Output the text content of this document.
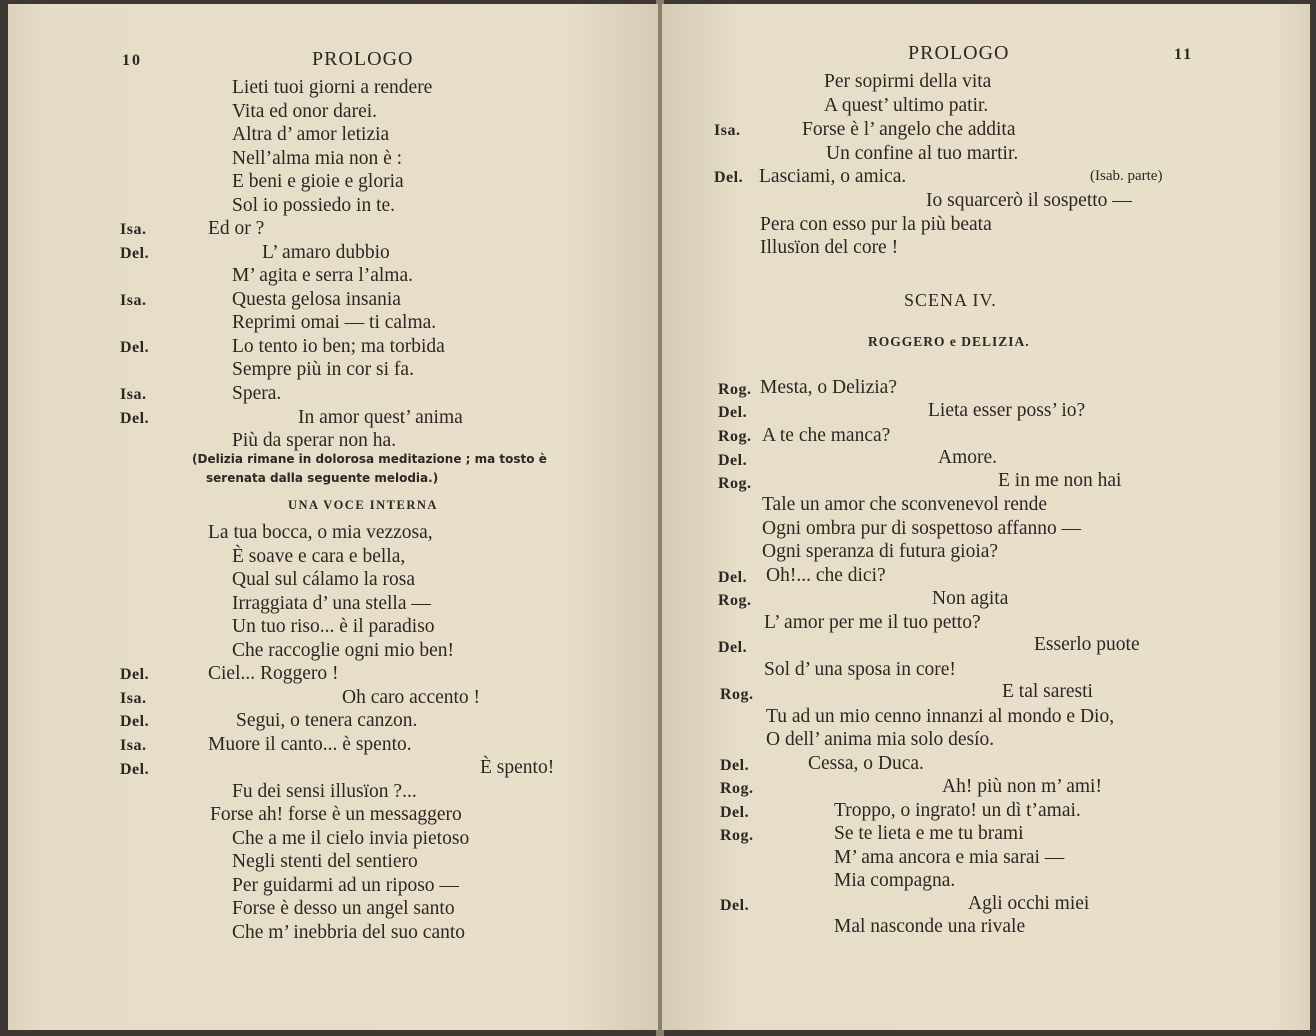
10	PROLOGO
Lieti tuoi giorni a rendere
Vita ed onor darei.
Altra d’ amor letizia
Nell’alma mia non è :
E beni e gioie e gloria
Sol io possiedo in te.
Isa.	Ed or ?
Del.	L’ amaro dubbio
M’ agita e serra l’alma.
Isa.	Questa gelosa insania
Reprimi omai — ti calma.
Del.	Lo tento io ben; ma torbida
Sempre più in cor si fa.
Isa.	Spera.
Del.	In amor quest’ anima
Più da sperar non ha.
(Delizia rimane in dolorosa meditazione ; ma tosto è
serenata dalla seguente melodia.)
UNA VOCE INTERNA
La tua bocca, o mia vezzosa,
È soave e cara e bella,
Qual sul cálamo la rosa
Irraggiata d’ una stella —
Un tuo riso... è il paradiso
Che raccoglie ogni mio ben!
Del.	Ciel... Roggero !
Isa.	Oh caro accento !
Del.	Segui, o tenera canzon.
Isa.	Muore il canto... è spento.
Del.	È spento!
Fu dei sensi illusïon ?...
Forse ah! forse è un messaggero
Che a me il cielo invia pietoso
Negli stenti del sentiero
Per guidarmi ad un riposo —
Forse è desso un angel santo
Che m’ inebbria del suo canto
PROLOGO	11
Per sopirmi della vita
A quest’ ultimo patir.
Isa.	Forse è l’ angelo che addita
Un confine al tuo martir.
Del. Lasciami, o amica.	(Isab. parte)
Io squarcerò il sospetto —
Pera con esso pur la più beata
Illusïon del core !
SCENA IV.
ROGGERO e DELIZIA.
Rog. Mesta, o Delizia?
Del.	Lieta esser poss’ io?
Rog. A te che manca?
Del.	Amore.
Rog.	E in me non hai
Tale un amor che sconvenevol rende
Ogni ombra pur di sospettoso affanno —
Ogni speranza di futura gioia?
Del. Oh!... che dici?
Rog.	Non agita
L’ amor per me il tuo petto?
Del.	Esserlo puote
Sol d’ una sposa in core!
Rog.	E tal saresti
Tu ad un mio cenno innanzi al mondo e Dio,
O dell’ anima mia solo desío.
Del.	Cessa, o Duca.
Rog.	Ah! più non m’ ami!
Del.	Troppo, o ingrato! un dì t’amai.
Rog.	Se te lieta e me tu brami
M’ ama ancora e mia sarai —
Mia compagna.
Del.	Agli occhi miei
Mal nasconde una rivale
